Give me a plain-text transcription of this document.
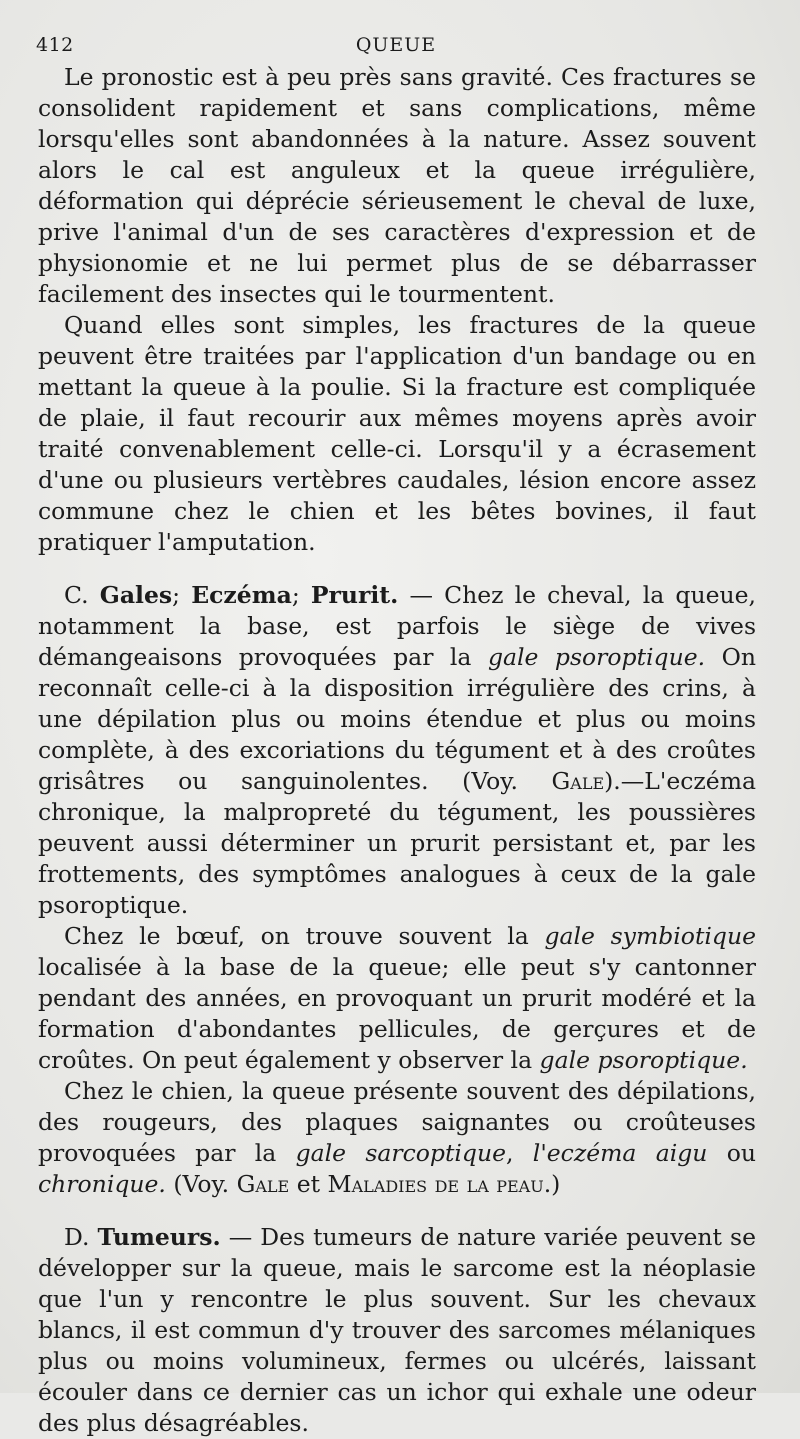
412	QUEUE

Le pronostic est à peu près sans gravité. Ces fractures se consolident rapidement et sans complications, même lorsqu'elles sont abandonnées à la nature. Assez souvent alors le cal est anguleux et la queue irrégulière, déformation qui déprécie sérieusement le cheval de luxe, prive l'animal d'un de ses caractères d'expression et de physionomie et ne lui permet plus de se débarrasser facilement des insectes qui le tourmentent.

Quand elles sont simples, les fractures de la queue peuvent être traitées par l'application d'un bandage ou en mettant la queue à la poulie. Si la fracture est compliquée de plaie, il faut recourir aux mêmes moyens après avoir traité convenablement celle-ci. Lorsqu'il y a écrasement d'une ou plusieurs vertèbres caudales, lésion encore assez commune chez le chien et les bêtes bovines, il faut pratiquer l'amputation.

C. Gales; Eczéma; Prurit. — Chez le cheval, la queue, notamment la base, est parfois le siège de vives démangeaisons provoquées par la gale psoroptique. On reconnaît celle-ci à la disposition irrégulière des crins, à une dépilation plus ou moins étendue et plus ou moins complète, à des excoriations du tégument et à des croûtes grisâtres ou sanguinolentes. (Voy. Gale).—L'eczéma chronique, la malpropreté du tégument, les poussières peuvent aussi déterminer un prurit persistant et, par les frottements, des symptômes analogues à ceux de la gale psoroptique.

Chez le bœuf, on trouve souvent la gale symbiotique localisée à la base de la queue; elle peut s'y cantonner pendant des années, en provoquant un prurit modéré et la formation d'abondantes pellicules, de gerçures et de croûtes. On peut également y observer la gale psoroptique.

Chez le chien, la queue présente souvent des dépilations, des rougeurs, des plaques saignantes ou croûteuses provoquées par la gale sarcoptique, l'eczéma aigu ou chronique. (Voy. Gale et Maladies de la peau.)

D. Tumeurs. — Des tumeurs de nature variée peuvent se développer sur la queue, mais le sarcome est la néoplasie que l'un y rencontre le plus souvent. Sur les chevaux blancs, il est commun d'y trouver des sarcomes mélaniques plus ou moins volumineux, fermes ou ulcérés, laissant écouler dans ce dernier cas un ichor qui exhale une odeur des plus désagréables.
